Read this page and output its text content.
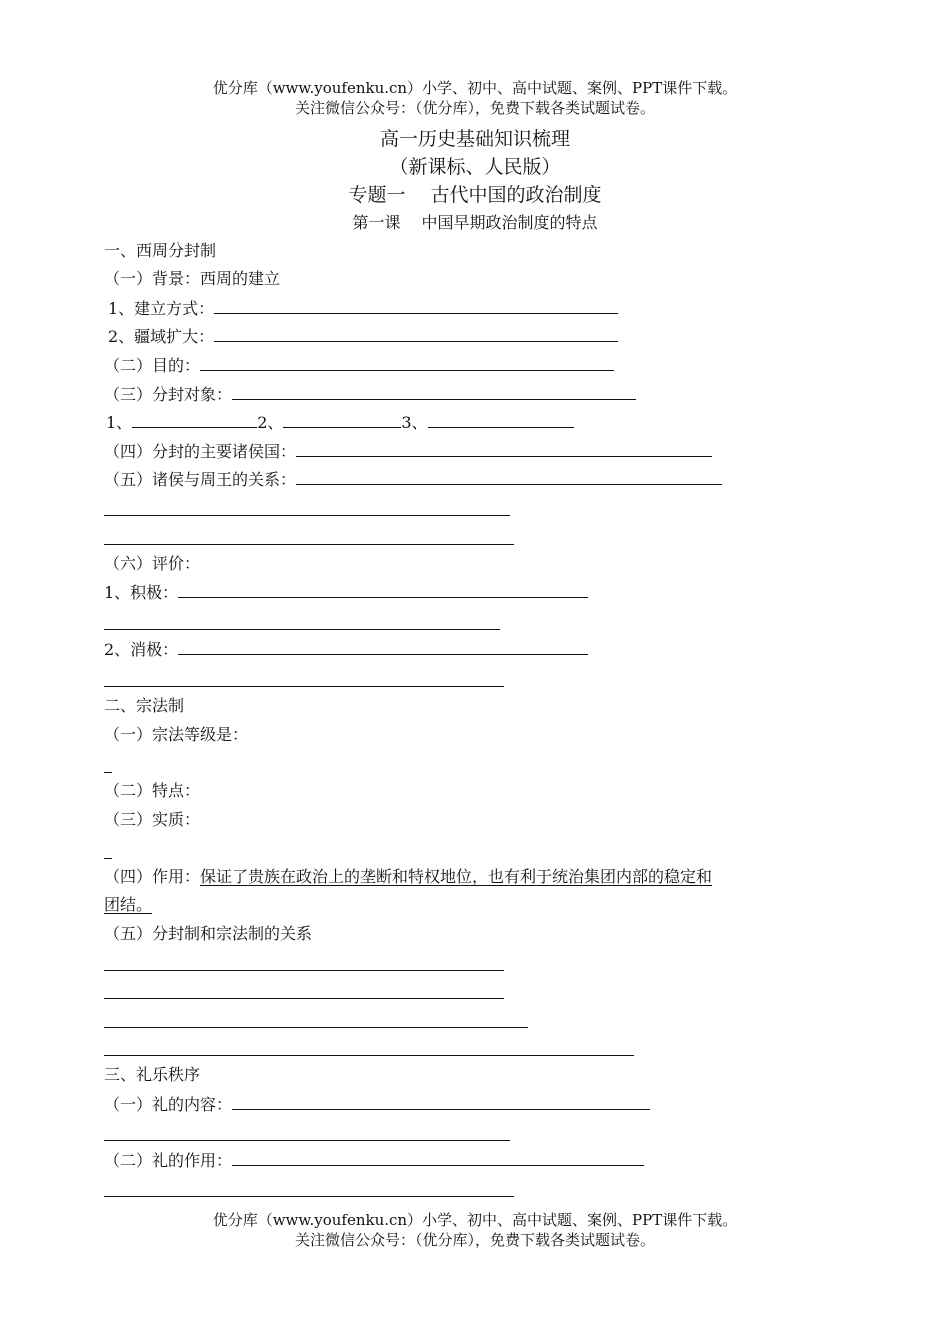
优分库（www.youfenku.cn）小学、初中、高中试题、案例、PPT课件下载。
关注微信公众号：（优分库），免费下载各类试题试卷。
高一历史基础知识梳理
（新课标、人民版）
专题一　 古代中国的政治制度
第一课　 中国早期政治制度的特点
一、西周分封制
（一）背景：西周的建立
1、建立方式：
2、疆域扩大：
（二）目的：
（三）分封对象：
1、	2、	3、
（四）分封的主要诸侯国：
（五）诸侯与周王的关系：
（六）评价：
1、积极：
2、消极：
二、宗法制
（一）宗法等级是：
（二）特点：
（三）实质：
（四）作用：保证了贵族在政治上的垄断和特权地位，也有利于统治集团内部的稳定和
团结。
（五）分封制和宗法制的关系
三、礼乐秩序
（一）礼的内容：
（二）礼的作用：
优分库（www.youfenku.cn）小学、初中、高中试题、案例、PPT课件下载。
关注微信公众号：（优分库），免费下载各类试题试卷。
